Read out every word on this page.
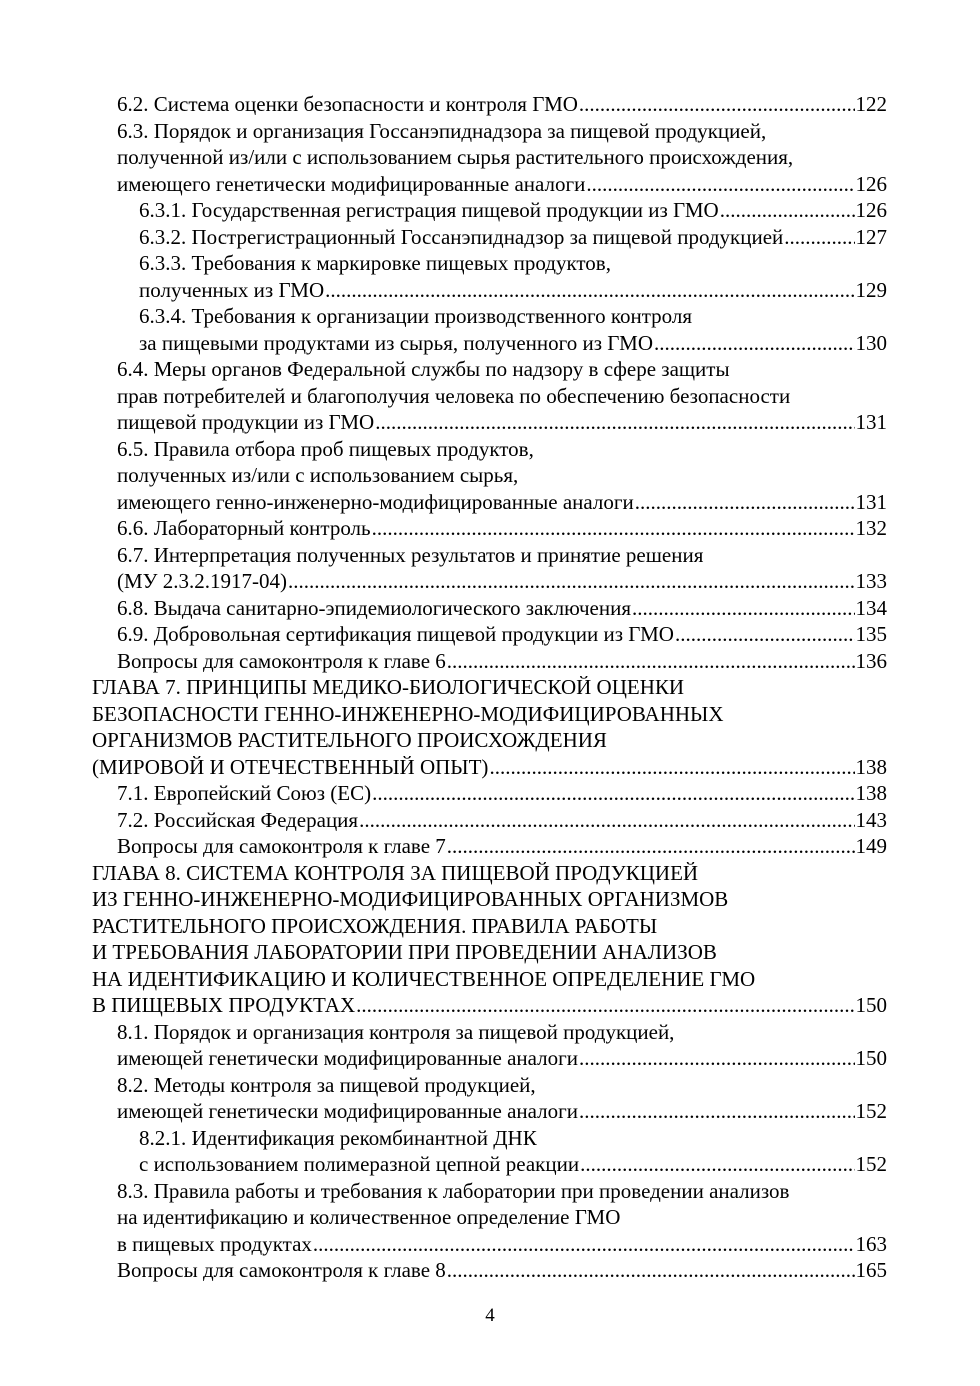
6.2. Система оценки безопасности и контроля ГМО .....	122
6.3. Порядок и организация Госсанэпиднадзора за пищевой продукцией,
полученной из/или с использованием сырья растительного происхождения,
имеющего генетически модифицированные аналоги .....	126
6.3.1. Государственная регистрация пищевой продукции из ГМО .....	126
6.3.2. Пострегистрационный Госсанэпиднадзор за пищевой продукцией .....	127
6.3.3. Требования к маркировке пищевых продуктов,
полученных из ГМО .....	129
6.3.4. Требования к организации производственного контроля
за пищевыми продуктами из сырья, полученного из ГМО .....	130
6.4. Меры органов Федеральной службы по надзору в сфере защиты
прав потребителей и благополучия человека по обеспечению безопасности
пищевой продукции из ГМО .....	131
6.5. Правила отбора проб пищевых продуктов,
полученных из/или с использованием сырья,
имеющего генно-инженерно-модифицированные аналоги .....	131
6.6. Лабораторный контроль .....	132
6.7. Интерпретация полученных результатов и принятие решения
(МУ 2.3.2.1917-04) .....	133
6.8. Выдача санитарно-эпидемиологического заключения .....	134
6.9. Добровольная сертификация пищевой продукции из ГМО .....	135
Вопросы для самоконтроля к главе 6 .....	136
ГЛАВА 7. ПРИНЦИПЫ МЕДИКО-БИОЛОГИЧЕСКОЙ ОЦЕНКИ
БЕЗОПАСНОСТИ ГЕННО-ИНЖЕНЕРНО-МОДИФИЦИРОВАННЫХ
ОРГАНИЗМОВ РАСТИТЕЛЬНОГО ПРОИСХОЖДЕНИЯ
(МИРОВОЙ И ОТЕЧЕСТВЕННЫЙ ОПЫТ) .....	138
7.1. Европейский Союз (ЕС) .....	138
7.2. Российская Федерация .....	143
Вопросы для самоконтроля к главе 7 .....	149
ГЛАВА 8. СИСТЕМА КОНТРОЛЯ ЗА ПИЩЕВОЙ ПРОДУКЦИЕЙ
ИЗ ГЕННО-ИНЖЕНЕРНО-МОДИФИЦИРОВАННЫХ ОРГАНИЗМОВ
РАСТИТЕЛЬНОГО ПРОИСХОЖДЕНИЯ. ПРАВИЛА РАБОТЫ
И ТРЕБОВАНИЯ ЛАБОРАТОРИИ ПРИ ПРОВЕДЕНИИ АНАЛИЗОВ
НА ИДЕНТИФИКАЦИЮ И КОЛИЧЕСТВЕННОЕ ОПРЕДЕЛЕНИЕ ГМО
В ПИЩЕВЫХ ПРОДУКТАХ .....	150
8.1. Порядок и организация контроля за пищевой продукцией,
имеющей генетически модифицированные аналоги .....	150
8.2. Методы контроля за пищевой продукцией,
имеющей генетически модифицированные аналоги .....	152
8.2.1. Идентификация рекомбинантной ДНК
с использованием полимеразной цепной реакции .....	152
8.3. Правила работы и требования к лаборатории при проведении анализов
на идентификацию и количественное определение ГМО
в пищевых продуктах .....	163
Вопросы для самоконтроля к главе 8 .....	165
4
